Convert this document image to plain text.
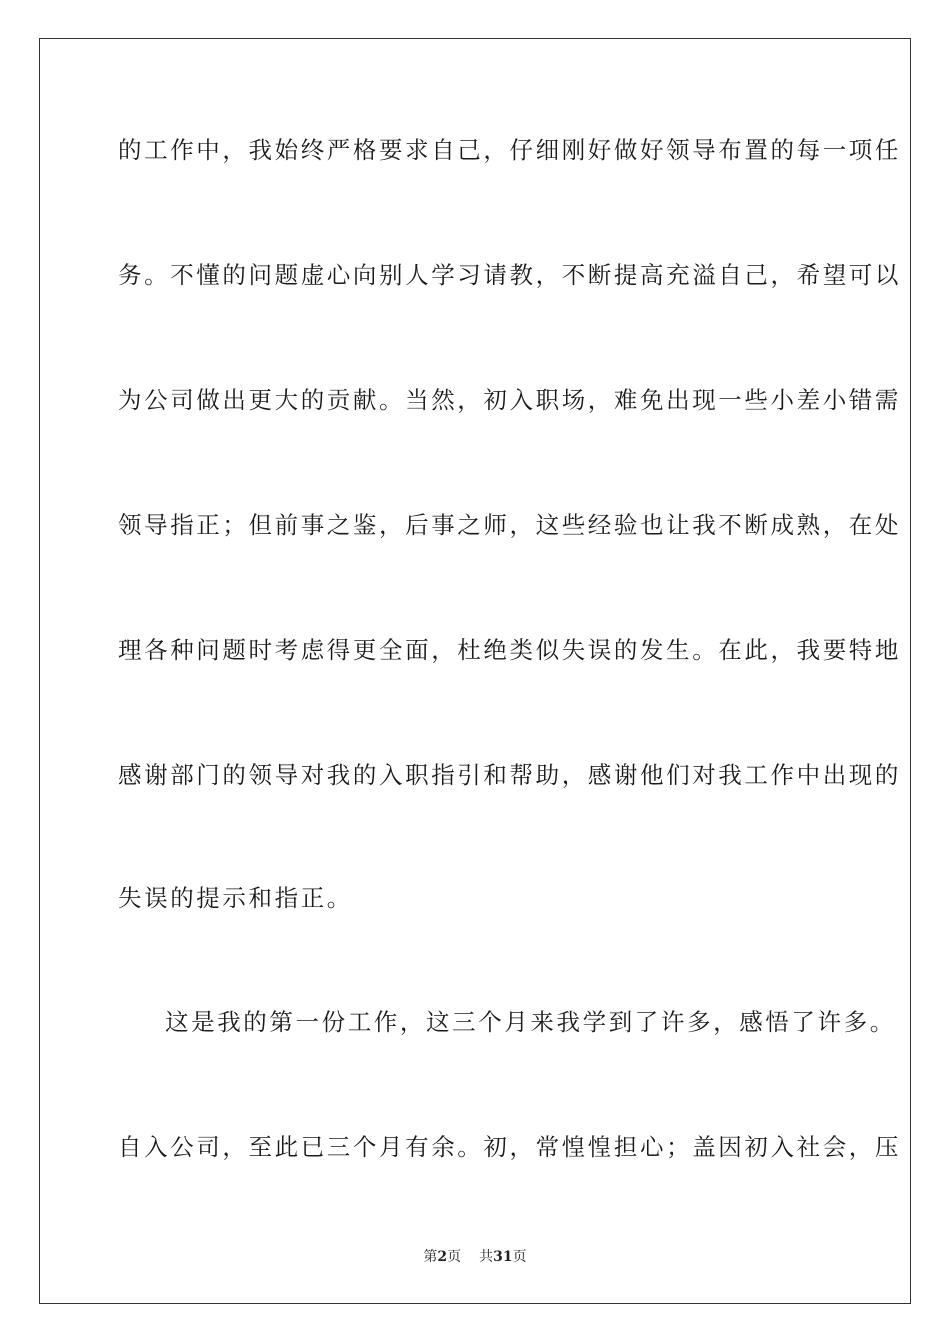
的工作中，我始终严格要求自己，仔细刚好做好领导布置的每一项任
务。不懂的问题虚心向别人学习请教，不断提高充溢自己，希望可以
为公司做出更大的贡献。当然，初入职场，难免出现一些小差小错需
领导指正；但前事之鉴，后事之师，这些经验也让我不断成熟，在处
理各种问题时考虑得更全面，杜绝类似失误的发生。在此，我要特地
感谢部门的领导对我的入职指引和帮助，感谢他们对我工作中出现的
失误的提示和指正。
这是我的第一份工作，这三个月来我学到了许多，感悟了许多。
自入公司，至此已三个月有余。初，常惶惶担心；盖因初入社会，压
第2页 共31页
